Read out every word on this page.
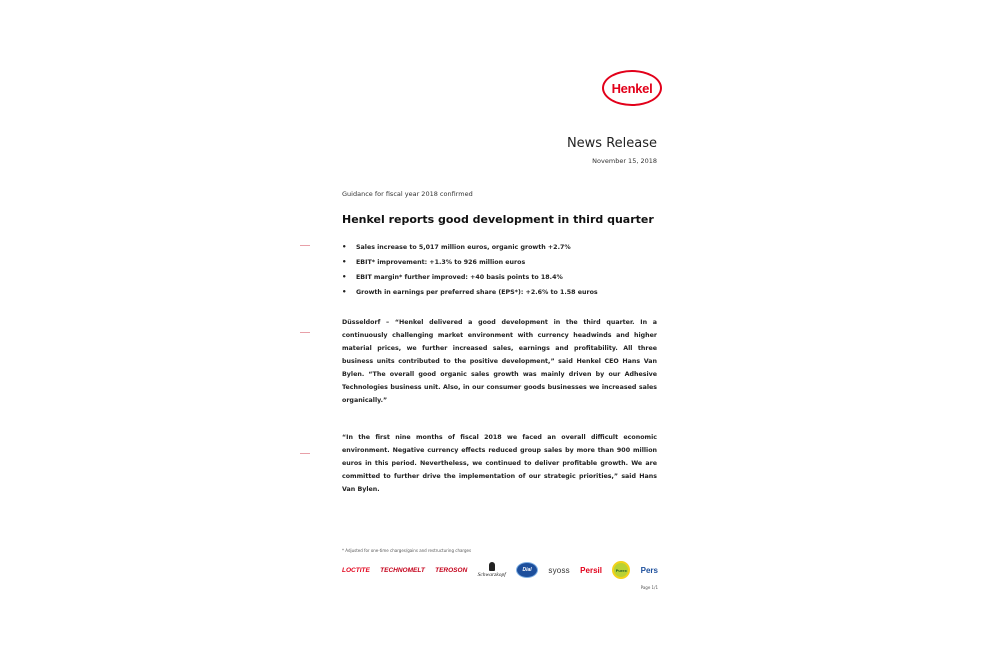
Henkel
News Release
November 15, 2018
Guidance for fiscal year 2018 confirmed
Henkel reports good development in third quarter
• Sales increase to 5,017 million euros, organic growth +2.7%
• EBIT* improvement: +1.3% to 926 million euros
• EBIT margin* further improved: +40 basis points to 18.4%
• Growth in earnings per preferred share (EPS*): +2.6% to 1.58 euros

Düsseldorf – “Henkel delivered a good development in the third quarter. In a continuously challenging market environment with currency headwinds and higher material prices, we further increased sales, earnings and profitability. All three business units contributed to the positive development,” said Henkel CEO Hans Van Bylen. “The overall good organic sales growth was mainly driven by our Adhesive Technologies business unit. Also, in our consumer goods businesses we increased sales organically.”

“In the first nine months of fiscal 2018 we faced an overall difficult economic environment. Negative currency effects reduced group sales by more than 900 million euros in this period. Nevertheless, we continued to deliver profitable growth. We are committed to further drive the implementation of our strategic priorities,” said Hans Van Bylen.

* Adjusted for one-time charges/gains and restructuring charges
LOCTITE TECHNOMELT TEROSON
Schwarzkopf
Dial syoss Persil	Purex Pers
Page 1/1
